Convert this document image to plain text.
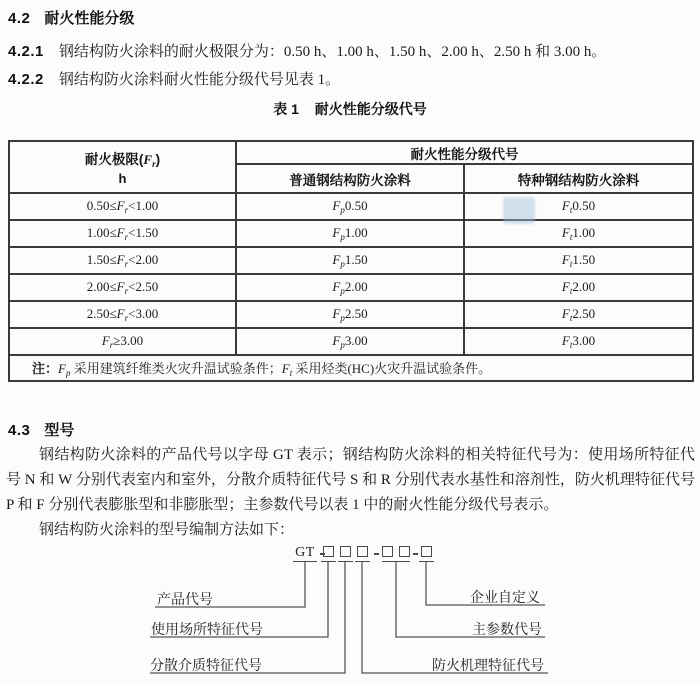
4.2 耐火性能分级
4.2.1 钢结构防火涂料的耐火极限分为：0.50 h、1.00 h、1.50 h、2.00 h、2.50 h 和 3.00 h。
4.2.2 钢结构防火涂料耐火性能分级代号见表 1。
表 1 耐火性能分级代号
耐火极限$(F_r)$
h	耐火性能分级代号	
	普通钢结构防火涂料	特种钢结构防火涂料
$0.50\le F_r<1.00$	$F_p0.50$	$F_t0.50$
$1.00\le F_r<1.50$	$F_p1.00$	$F_t1.00$
$1.50\le F_r<2.00$	$F_p1.50$	$F_t1.50$
$2.00\le F_r<2.50$	$F_p2.00$	$F_t2.00$
$2.50\le F_r<3.00$	$F_p2.50$	$F_t2.50$
$F_r\ge 3.00$	$F_p3.00$	$F_t3.00$
注：$F_p$ 采用建筑纤维类火灾升温试验条件；$F_t$ 采用烃类(HC)火灾升温试验条件。		
4.3 型号
钢结构防火涂料的产品代号以字母 GT 表示；钢结构防火涂料的相关特征代号为：使用场所特征代号 N 和 W 分别代表室内和室外，分散介质特征代号 S 和 R 分别代表水基性和溶剂性，防火机理特征代号 P 和 F 分别代表膨胀型和非膨胀型；主参数代号以表 1 中的耐火性能分级代号表示。
钢结构防火涂料的型号编制方法如下：
GT
产品代号
使用场所特征代号
分散介质特征代号
企业自定义
主参数代号
防火机理特征代号
